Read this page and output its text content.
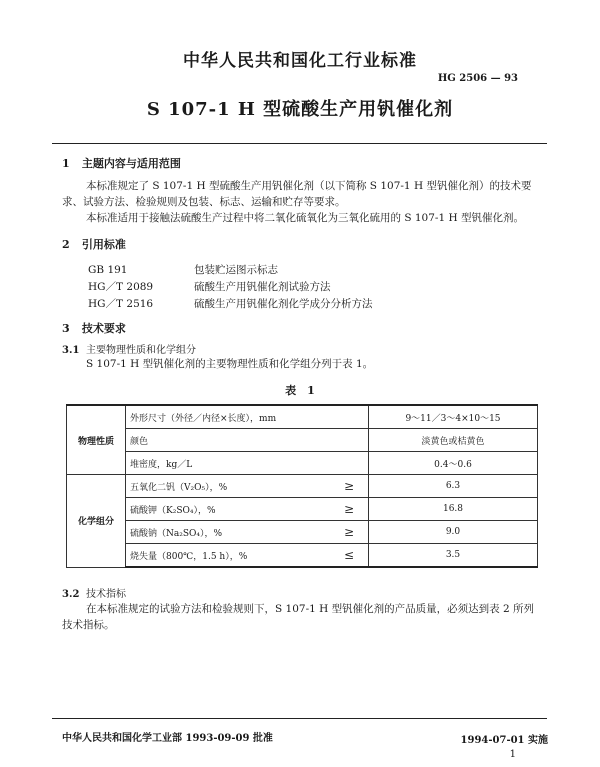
中华人民共和国化工行业标准
HG 2506 — 93
S 107-1 H 型硫酸生产用钒催化剂
1 主题内容与适用范围
本标准规定了 S 107-1 H 型硫酸生产用钒催化剂（以下简称 S 107-1 H 型钒催化剂）的技术要
求、试验方法、检验规则及包装、标志、运输和贮存等要求。
本标准适用于接触法硫酸生产过程中将二氧化硫氧化为三氧化硫用的 S 107-1 H 型钒催化剂。
2 引用标准
GB 191	包装贮运图示标志
HG／T 2089	硫酸生产用钒催化剂试验方法
HG／T 2516	硫酸生产用钒催化剂化学成分分析方法
3 技术要求
3.1 主要物理性质和化学组分
S 107-1 H 型钒催化剂的主要物理性质和化学组分列于表 1。
表　1
物理性质	外形尺寸（外径／内径×长度），mm		9～11／3～4×10～15
	颜色		淡黄色或桔黄色
	堆密度，kg／L		0.4～0.6
化学组分	五氧化二钒（V₂O₅），%	≥	6.3
	硫酸钾（K₂SO₄），%	≥	16.8
	硫酸钠（Na₂SO₄），%	≥	9.0
	烧失量（800℃，1.5 h），%	≤	3.5
3.2 技术指标
在本标准规定的试验方法和检验规则下，S 107-1 H 型钒催化剂的产品质量，必须达到表 2 所列
技术指标。
中华人民共和国化学工业部 1993-09-09 批准	1994-07-01 实施
1
